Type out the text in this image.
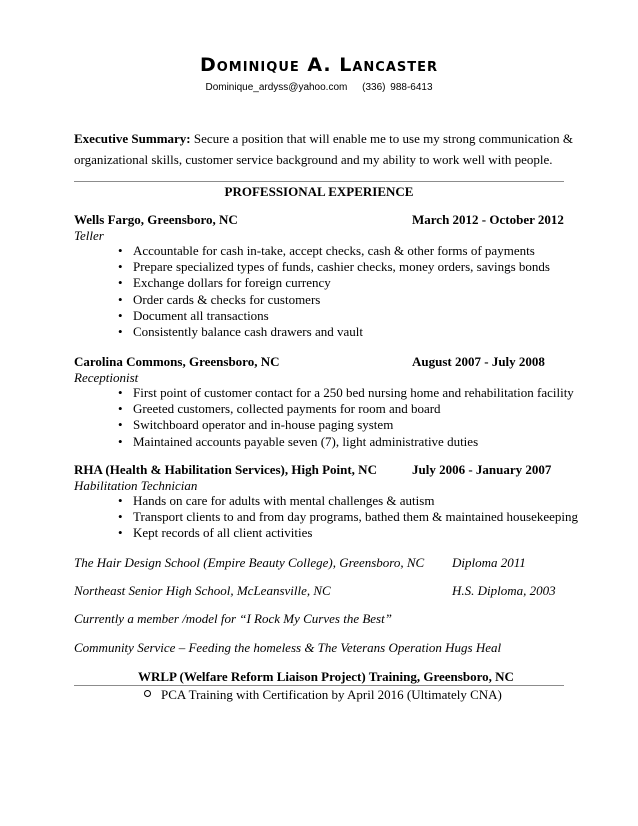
Dominique A. Lancaster
Dominique_ardyss@yahoo.com (336) 988-6413
Executive Summary: Secure a position that will enable me to use my strong communication & organizational skills, customer service background and my ability to work well with people.
PROFESSIONAL EXPERIENCE
Wells Fargo, Greensboro, NC	March 2012 - October 2012
Teller
• Accountable for cash in-take, accept checks, cash & other forms of payments
• Prepare specialized types of funds, cashier checks, money orders, savings bonds
• Exchange dollars for foreign currency
• Order cards & checks for customers
• Document all transactions
• Consistently balance cash drawers and vault
Carolina Commons, Greensboro, NC	August 2007 - July 2008
Receptionist
• First point of customer contact for a 250 bed nursing home and rehabilitation facility
• Greeted customers, collected payments for room and board
• Switchboard operator and in-house paging system
• Maintained accounts payable seven (7), light administrative duties
RHA (Health & Habilitation Services), High Point, NC	July 2006 - January 2007
Habilitation Technician
• Hands on care for adults with mental challenges & autism
• Transport clients to and from day programs, bathed them & maintained housekeeping
• Kept records of all client activities
The Hair Design School (Empire Beauty College), Greensboro, NC Diploma 2011
Northeast Senior High School, McLeansville, NC	H.S. Diploma, 2003
Currently a member /model for “I Rock My Curves the Best”
Community Service – Feeding the homeless & The Veterans Operation Hugs Heal
WRLP (Welfare Reform Liaison Project) Training, Greensboro, NC
PCA Training with Certification by April 2016 (Ultimately CNA)
